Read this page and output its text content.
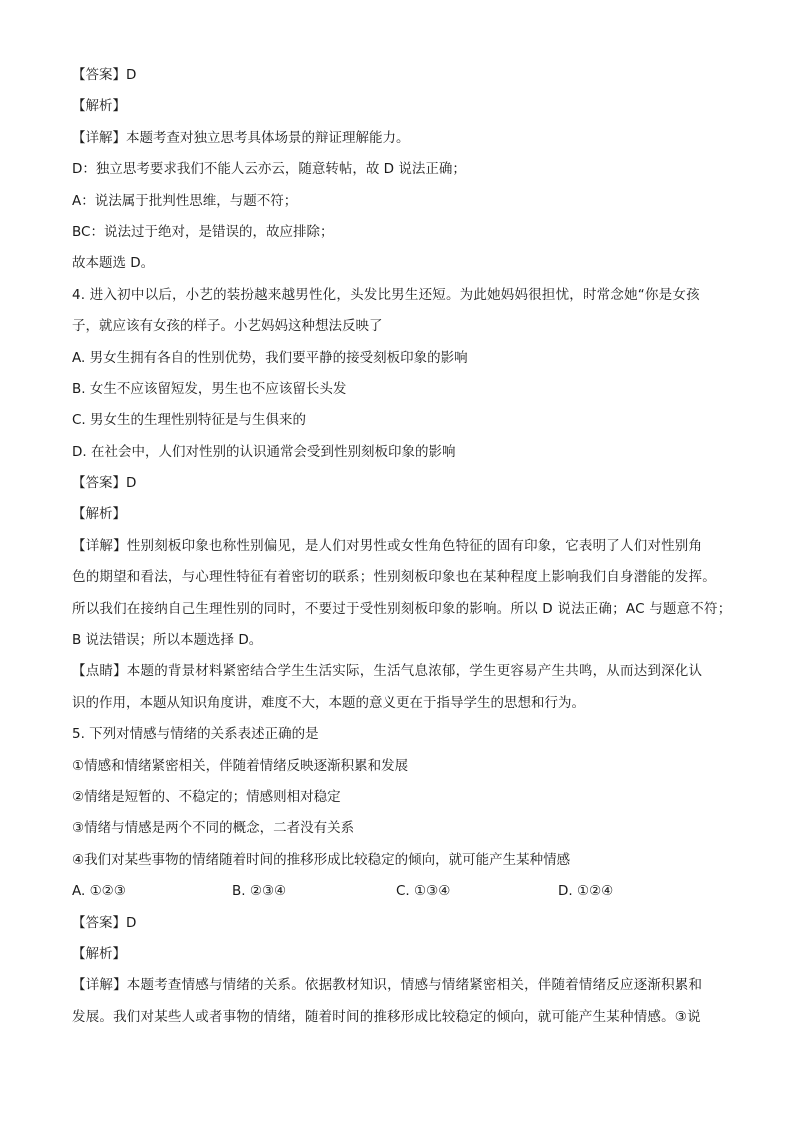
【答案】D
【解析】
【详解】本题考查对独立思考具体场景的辩证理解能力。
D：独立思考要求我们不能人云亦云，随意转帖，故 D 说法正确；
A：说法属于批判性思维，与题不符；
BC：说法过于绝对，是错误的，故应排除；
故本题选 D。
4. 进入初中以后，小艺的装扮越来越男性化，头发比男生还短。为此她妈妈很担忧，时常念她“你是女孩
子，就应该有女孩的样子。小艺妈妈这种想法反映了
A. 男女生拥有各自的性别优势，我们要平静的接受刻板印象的影响
B. 女生不应该留短发，男生也不应该留长头发
C. 男女生的生理性别特征是与生俱来的
D. 在社会中，人们对性别的认识通常会受到性别刻板印象的影响
【答案】D
【解析】
【详解】性别刻板印象也称性别偏见，是人们对男性或女性角色特征的固有印象，它表明了人们对性别角
色的期望和看法，与心理性特征有着密切的联系；性别刻板印象也在某种程度上影响我们自身潜能的发挥。
所以我们在接纳自己生理性别的同时，不要过于受性别刻板印象的影响。所以 D 说法正确；AC 与题意不符；
B 说法错误；所以本题选择 D。
【点睛】本题的背景材料紧密结合学生生活实际，生活气息浓郁，学生更容易产生共鸣，从而达到深化认
识的作用，本题从知识角度讲，难度不大，本题的意义更在于指导学生的思想和行为。
5. 下列对情感与情绪的关系表述正确的是
①情感和情绪紧密相关，伴随着情绪反映逐渐积累和发展
②情绪是短暂的、不稳定的；情感则相对稳定
③情绪与情感是两个不同的概念，二者没有关系
④我们对某些事物的情绪随着时间的推移形成比较稳定的倾向，就可能产生某种情感
A. ①②③	B. ②③④	C. ①③④	D. ①②④
【答案】D
【解析】
【详解】本题考查情感与情绪的关系。依据教材知识，情感与情绪紧密相关，伴随着情绪反应逐渐积累和
发展。我们对某些人或者事物的情绪，随着时间的推移形成比较稳定的倾向，就可能产生某种情感。③说
